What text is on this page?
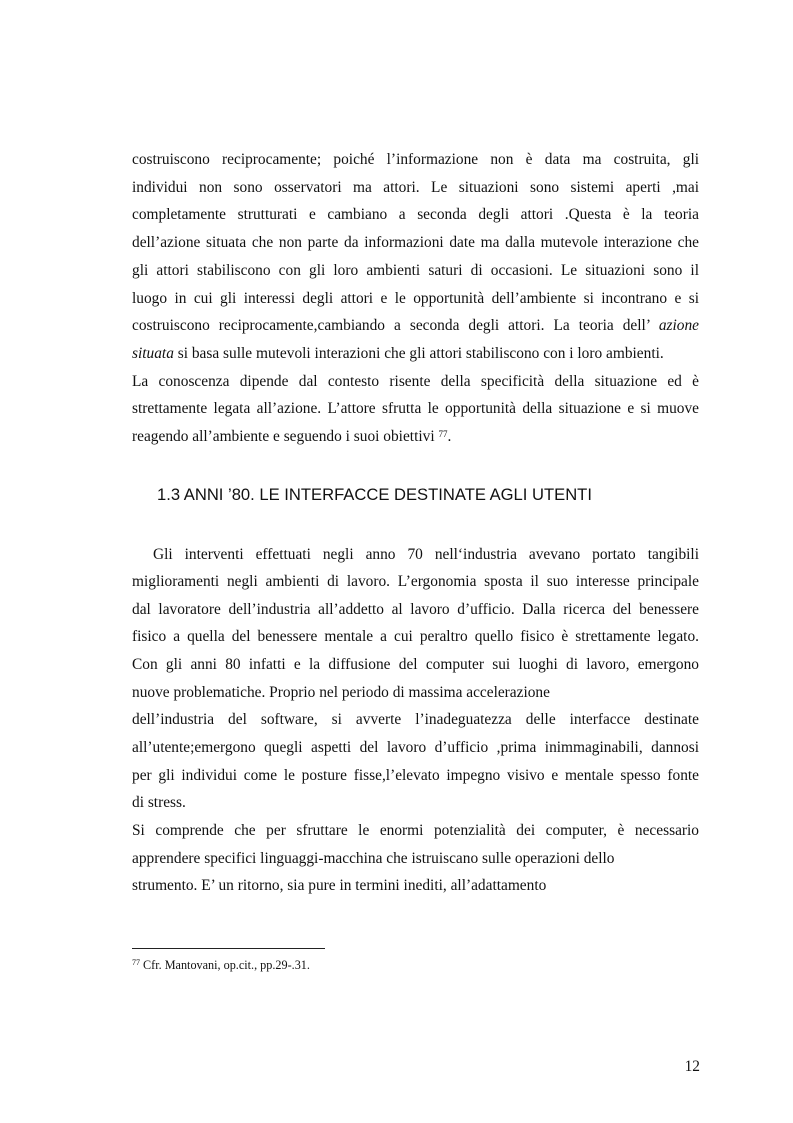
costruiscono reciprocamente; poiché l’informazione non è data ma costruita, gli
individui non sono osservatori ma attori. Le situazioni sono sistemi aperti ,mai
completamente strutturati e cambiano a seconda degli attori .Questa è la teoria
dell’azione situata che non parte da informazioni date ma dalla mutevole interazione che
gli attori stabiliscono con gli loro ambienti saturi di occasioni. Le situazioni sono il
luogo in cui gli interessi degli attori e le opportunità dell’ambiente si incontrano e si
costruiscono reciprocamente,cambiando a seconda degli attori. La teoria dell’ azione
situata si basa sulle mutevoli interazioni che gli attori stabiliscono con i loro ambienti.
La conoscenza dipende dal contesto risente della specificità della situazione ed è
strettamente legata all’azione. L’attore sfrutta le opportunità della situazione e si muove
reagendo all’ambiente e seguendo i suoi obiettivi $^{77}$.
1.3 ANNI ’80. LE INTERFACCE DESTINATE AGLI UTENTI
Gli interventi effettuati negli anno 70 nell‘industria avevano portato tangibili
miglioramenti negli ambienti di lavoro. L’ergonomia sposta il suo interesse principale
dal lavoratore dell’industria all’addetto al lavoro d’ufficio. Dalla ricerca del benessere
fisico a quella del benessere mentale a cui peraltro quello fisico è strettamente legato.
Con gli anni 80 infatti e la diffusione del computer sui luoghi di lavoro, emergono
nuove problematiche. Proprio nel periodo di massima accelerazione
dell’industria del software, si avverte l’inadeguatezza delle interfacce destinate
all’utente;emergono quegli aspetti del lavoro d’ufficio ,prima inimmaginabili, dannosi
per gli individui come le posture fisse,l’elevato impegno visivo e mentale spesso fonte
di stress.
Si comprende che per sfruttare le enormi potenzialità dei computer, è necessario
apprendere specifici linguaggi-macchina che istruiscano sulle operazioni dello
strumento. E’ un ritorno, sia pure in termini inediti, all’adattamento
$^{77}$ Cfr. Mantovani, op.cit., pp.29-.31.
12
